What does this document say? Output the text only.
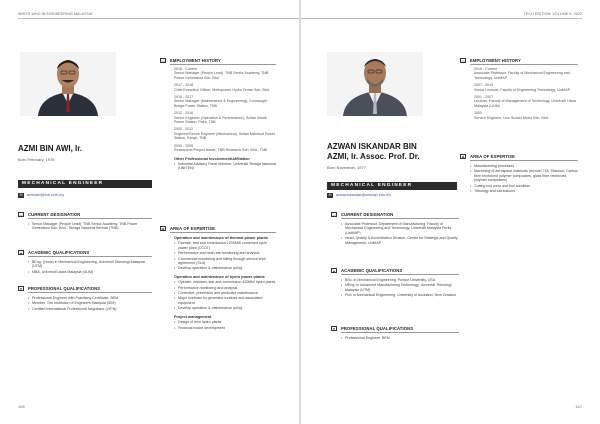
WHO'S WHO IN ENGINEERING MALAYSIA
AZMI BIN AWI, Ir.
Born February, 1976
MECHANICAL ENGINEER
✉ azmiawi@tnb.com.my
▭	CURRENT DESIGNATION
• Senior Manager (People Lead), TNB Senior Academy, TNB Power Generation Sdn. Bhd., Tenaga Nasional Berhad (TNB)
▲	ACADEMIC QUALIFICATIONS
• BEng. (Hons) in Mechanical Engineering, Universiti Teknologi Malaysia (UTM)
• MBA, Universiti Utara Malaysia (UUM)
★	PROFESSIONAL QUALIFICATIONS
• Professional Engineer with Practising Certificate, BEM
• Member, The Institution of Engineers Malaysia (IEM)
• Certified International Professional Negotiator (CIPN)
▭	EMPLOYMENT HISTORY
2018 - Current
Senior Manager (People Lead), TNB Senior Academy, TNB Power Generation Sdn. Bhd.
2017 - 2018
Chief Executive Officer, Metropower Hydro Terrae Sdn. Bhd.
2016 - 2017
Senior Manager (Maintenance & Engineering), Connaught Bridge Power Station, TNB
2012 - 2016
Senior Engineer (Operation & Performance), Sultan Ismail Power Station, Paka, TNB
2005 - 2012
Engineer/Senior Engineer (Mechanical), Sultan Mahmud Power Station, Kenyir, TNB
2000 - 2005
Researcher/Project leader, TNB Research Sdn. Bhd., TNB
Other Professional Involvement/Affiliation
• Industrial Advisory Panel Member, Universiti Tenaga Nasional (UNITEN)
◉	AREA OF EXPERTISE
Operation and maintenance of thermal power plants
• Operate, test and commission 1200MW combined cycle power plant (CCGT)
• Performance and heat rate monitoring and analysis
• Commercial monitoring and billing through service level agreement (SLA)
• Develop operation & maintenance policy
Operation and maintenance of hydro power plants
• Operate, maintain, test and commission 400MW hydro plants
• Performance monitoring and analysis
• Corrective, preventive and predictive maintenance
• Major overhaul for generator-turbines and associated equipment
• Develop operation & maintenance policy
Project management
• Design of mini hydro plants
• Financial model development
166
TECH EDITION: VOLUME 9, 2022
AZWAN ISKANDAR BIN
AZMI, Ir. Assoc. Prof. Dr.
Born November, 1977
MECHANICAL ENGINEER
✉ azwaniskandar@unimap.edu.my
▭	CURRENT DESIGNATION
• Associate Professor, Department of Manufacturing, Faculty of Mechanical Engineering and Technology, Universiti Malaysia Perlis (UniMAP)
• Head, Quality & Accreditation Division, Centre for Strategic and Quality Management, UniMAP
▲	ACADEMIC QUALIFICATIONS
• BSc. in Mechanical Engineering, Purdue University, USA
• MEng. in Advanced Manufacturing Technology, Universiti Teknologi Malaysia (UTM)
• PhD in Mechanical Engineering, University of Auckland, New Zealand
★	PROFESSIONAL QUALIFICATIONS
• Professional Engineer, BEM
▭	EMPLOYMENT HISTORY
2019 - Current
Associate Professor, Faculty of Mechanical Engineering and Technology, UniMAP
2007 - 2019
Senior Lecturer, Faculty of Engineering Technology, UniMAP
2001 - 2007
Lecturer, Faculty of Management of Technology, Universiti Utara Malaysia (UUM)
2000
Service Engineer, Lion Suzuki Motor Sdn. Bhd.
◉	AREA OF EXPERTISE
• Manufacturing processes
• Machining of aerospace materials (Inconel 718, Titanium, Carbon fibre reinforced polymer composites, glass fibre reinforced polymer composites)
• Cutting tool wear and tool condition
• Tribology and lubrications
167
